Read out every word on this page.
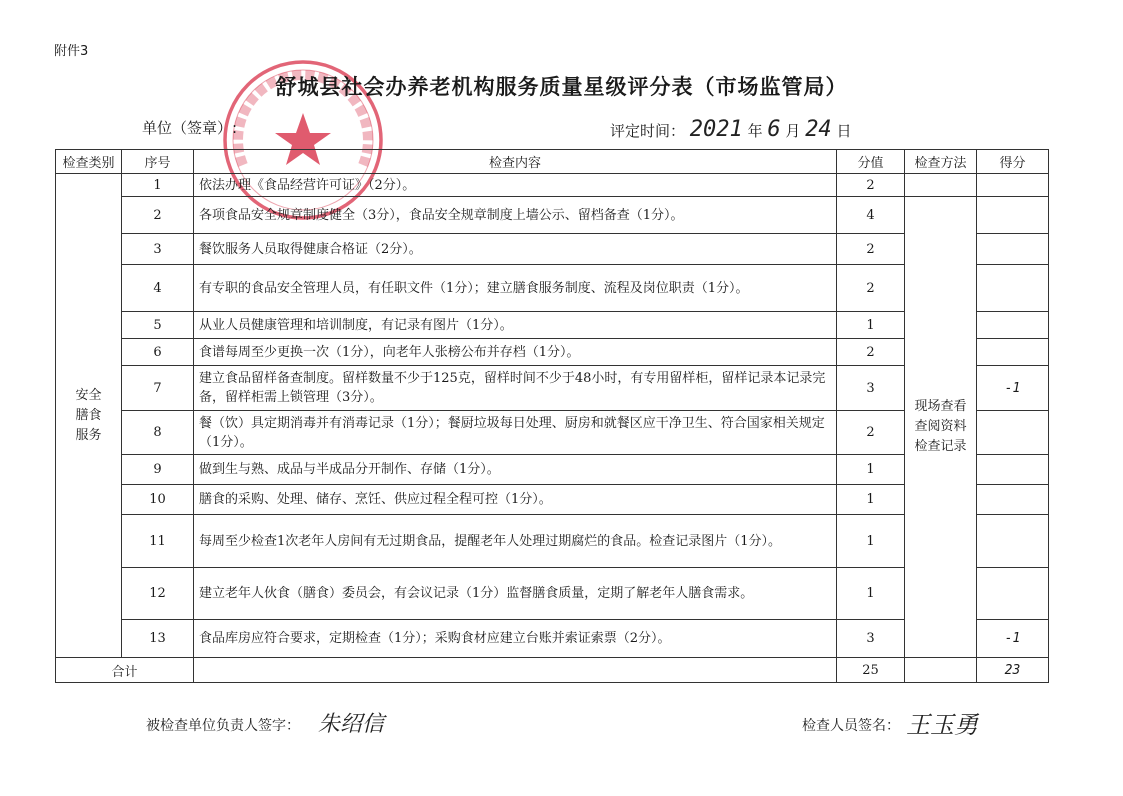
附件3
舒城县社会办养老机构服务质量星级评分表（市场监管局）
单位（签章）:	评定时间： 2021 年 6 月 24 日
检查类别	序号	检查内容	分值	检查方法	得分
安全
膳食
服务	1	依法办理《食品经营许可证》（2分）。	2		
	2	各项食品安全规章制度健全（3分），食品安全规章制度上墙公示、留档备查（1分）。	4	现场查看
查阅资料
检查记录	
	3	餐饮服务人员取得健康合格证（2分）。	2		
	4	有专职的食品安全管理人员，有任职文件（1分）；建立膳食服务制度、流程及岗位职责（1分）。	2		
	5	从业人员健康管理和培训制度，有记录有图片（1分）。	1		
	6	食谱每周至少更换一次（1分），向老年人张榜公布并存档（1分）。	2		
	7	建立食品留样备查制度。留样数量不少于125克，留样时间不少于48小时，有专用留样柜，留样记录本记录完备，留样柜需上锁管理（3分）。	3		-1
	8	餐（饮）具定期消毒并有消毒记录（1分）；餐厨垃圾每日处理、厨房和就餐区应干净卫生、符合国家相关规定（1分）。	2		
	9	做到生与熟、成品与半成品分开制作、存储（1分）。	1		
	10	膳食的采购、处理、储存、烹饪、供应过程全程可控（1分）。	1		
	11	每周至少检查1次老年人房间有无过期食品，提醒老年人处理过期腐烂的食品。检查记录图片（1分）。	1		
	12	建立老年人伙食（膳食）委员会，有会议记录（1分）监督膳食质量，定期了解老年人膳食需求。	1		
	13	食品库房应符合要求，定期检查（1分）；采购食材应建立台账并索证索票（2分）。	3		-1
合计			25		23
被检查单位负责人签字： 朱绍信	检查人员签名： 王玉勇
